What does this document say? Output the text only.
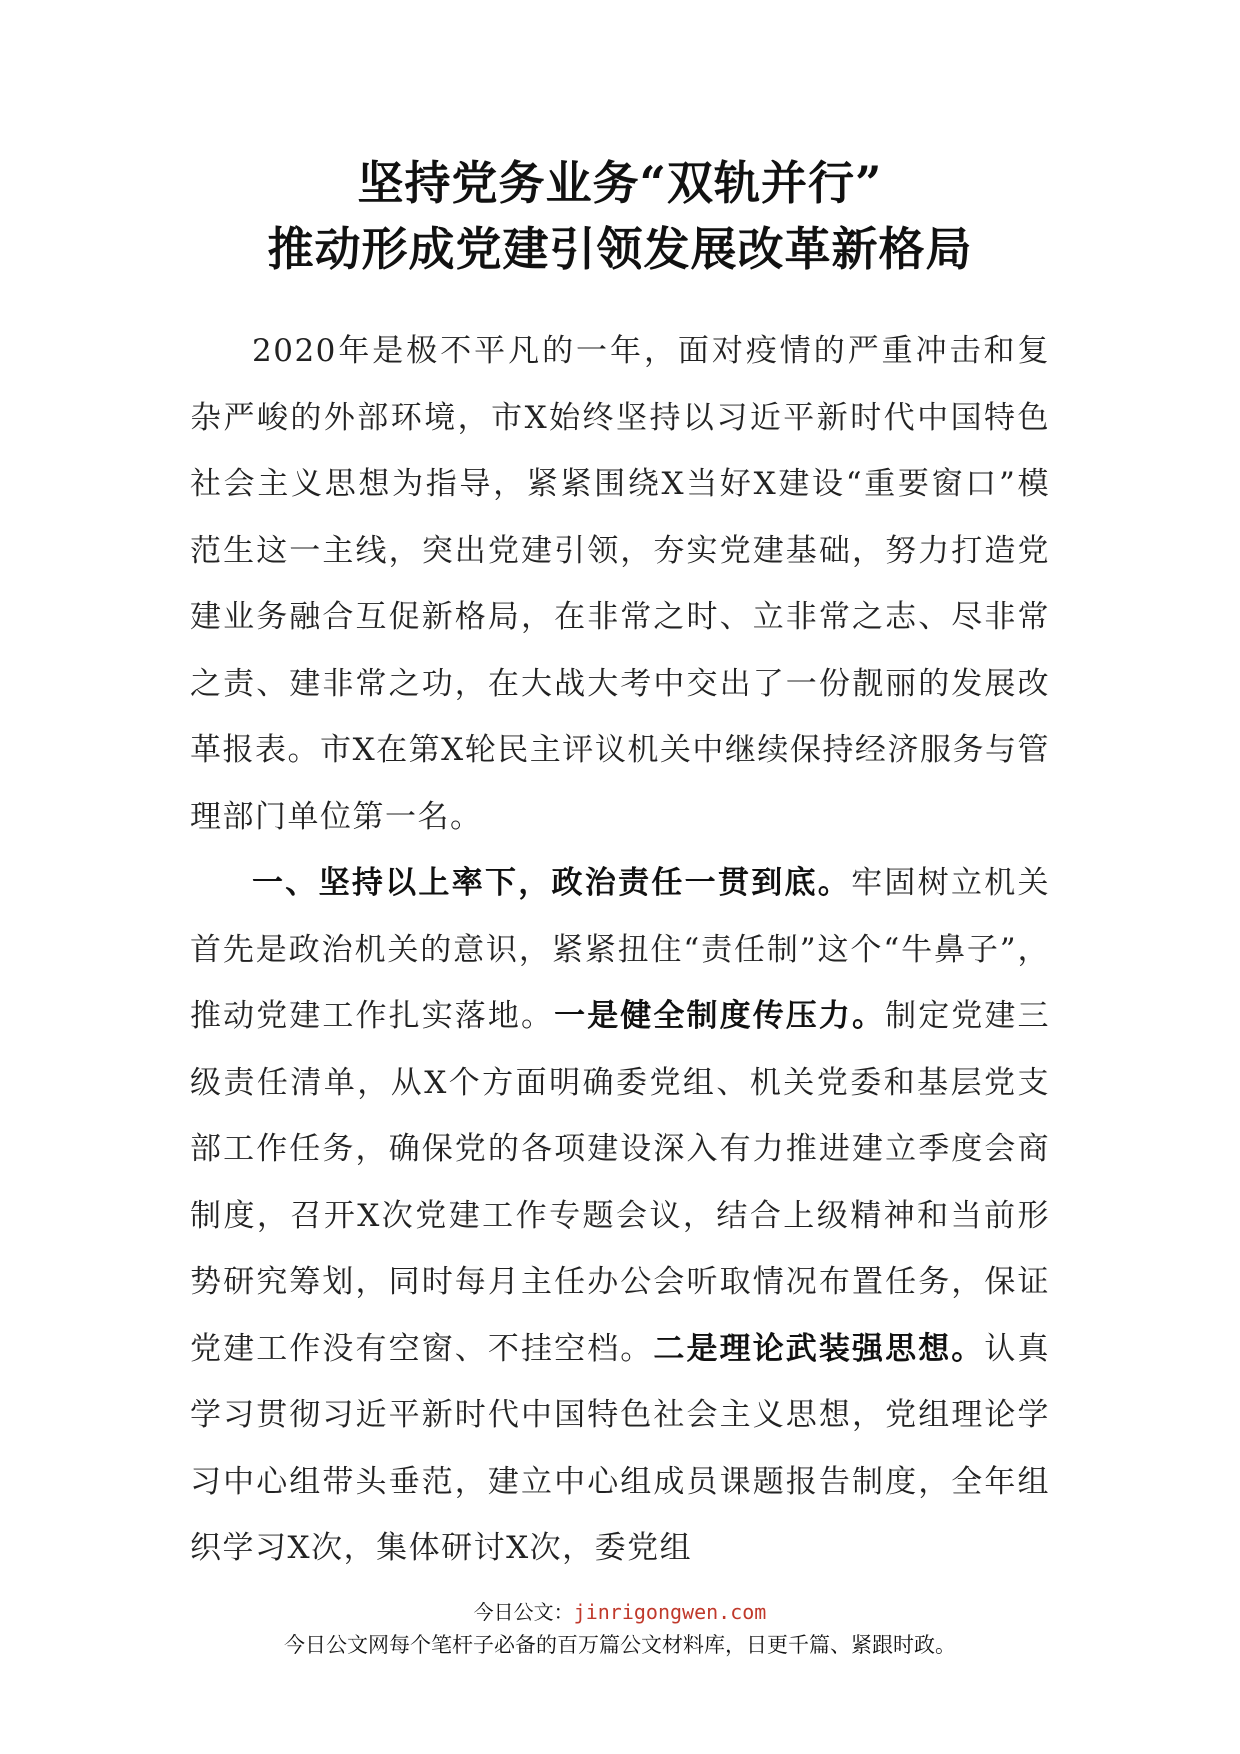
坚持党务业务“双轨并行”
推动形成党建引领发展改革新格局

2020年是极不平凡的一年，面对疫情的严重冲击和复杂严峻的外部环境，市X始终坚持以习近平新时代中国特色社会主义思想为指导，紧紧围绕X当好X建设“重要窗口”模范生这一主线，突出党建引领，夯实党建基础，努力打造党建业务融合互促新格局，在非常之时、立非常之志、尽非常之责、建非常之功，在大战大考中交出了一份靓丽的发展改革报表。市X在第X轮民主评议机关中继续保持经济服务与管理部门单位第一名。

一、坚持以上率下，政治责任一贯到底。牢固树立机关首先是政治机关的意识，紧紧扭住“责任制”这个“牛鼻子”，推动党建工作扎实落地。一是健全制度传压力。制定党建三级责任清单，从X个方面明确委党组、机关党委和基层党支部工作任务，确保党的各项建设深入有力推进建立季度会商制度，召开X次党建工作专题会议，结合上级精神和当前形势研究筹划，同时每月主任办公会听取情况布置任务，保证党建工作没有空窗、不挂空档。二是理论武装强思想。认真学习贯彻习近平新时代中国特色社会主义思想，党组理论学习中心组带头垂范，建立中心组成员课题报告制度，全年组织学习X次，集体研讨X次，委党组

今日公文：jinrigongwen.com
今日公文网每个笔杆子必备的百万篇公文材料库，日更千篇、紧跟时政。
